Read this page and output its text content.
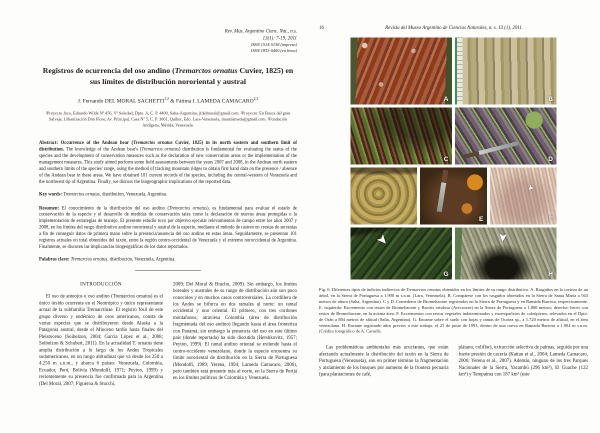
Rev. Mus. Argentino Cienc. Nat., n.s.
13(1): 7-19, 2011
ISSN 1514-5158 (impresa)
ISSN 1853-0400 (en línea)
Registros de ocurrencia del oso andino (Tremarctos ornatus Cuvier, 1825) en sus límites de distribución nororiental y austral
J. Fernando DEL MORAL SACHETTI$^{1,2}$ & Fátima I. LAMEDA CAMACARO$^{2,3}$
¹Proyecto Juco, Eduardo Wilde Nº 456, Vª Soledad, Dpto. A, C. P. 4400, Salta-Argentina, jfdelmoral@gmail.com. ²Proyecto: En Busca del gran Salvaje, Urbanización Don Flore, Av. Principal, Casa Nº 5, C. P. 3061, Quíbor, Edo. Lara-Venezuela, imarulameda@gmail.com. ³Fundación Andígena, Mérida, Venezuela.

Abstract: Occurrence of the Andean bear (Tremarctos ornatus Cuvier, 1825) in its north eastern and southern limit of distribution. The knowledge of the Andean bear's (Tremarctos ornatus) distribution is fundamental for evaluating the status of the species and the development of conservation measures such as the declaration of new conservation areas or the implementation of the management measures. This study aimed perform some field assessments between the years 2007 and 2008, in the Andean north eastern and southern limits of the species' range, using the method of tracking mountain ridges to obtain first hand data on the presence / absence of the Andean bear in these areas. We have obtained 101 current records of the species, including the central-western of Venezuela and the northwest tip of Argentina. Finally, we discuss the biogeographic implications of the reported data.

Key words: Tremarctos ornatus, distribution, Venezuela, Argentina.

Resumen: El conocimiento de la distribución del oso andino (Tremarctos ornatus), es fundamental para evaluar el estado de conservación de la especie y el desarrollo de medidas de conservación tales como la declaración de nuevas áreas protegidas o la implementación de estrategias de manejo. El presente estudio tuvo por objetivo ejecutar relevamientos de campo entre los años 2007 y 2008, en los límites del rango distributivo andino nororiental y austral de la especie, mediante el método de rastreo en crestas de serranías a fin de conseguir datos de primera mano sobre la presencia/ausencia del oso andino en estas áreas. Seguidamente, se presentan 101 registros actuales en total obtenidos del taxón, entre la región centro-occidental de Venezuela y el extremo noroccidental de Argentina. Finalmente, se discuten las implicancias biogeográficas de los datos reportados.

Palabras clave: Tremarctos ornatus, distribución, Venezuela, Argentina.
INTRODUCCIÓN
El oso de anteojos u oso andino (Tremarctos ornatus) es el único úrsido ocurrente en el Neotrópico y único representante actual de la subfamilia Tremarctinae. El registro fósil de este grupo diverso y endémico de osos americanos, consta de varias especies que se distribuyeron desde Alaska a la Patagonia austral, desde el Mioceno tardío hasta finales del Pleistoceno (Soibelzon, 2004; García López et al., 2008; Soibelzon & Schubert, 2011). En la actualidad T. ornatus tiene amplia distribución a lo largo de los Andes Tropicales sudamericanos, en un rango altitudinal que va desde los 250 a 4.250 m s.n.m., y abarca 6 países: Venezuela, Colombia, Ecuador, Perú, Bolivia (Mondolfi, 1971; Peyton, 1999) y recientemente su presencia fue confirmada para la Argentina (Del Moral, 2007; Figueroa & Stucchi,
2009; Del Moral & Bracho, 2009). Sin embargo, los límites boreales y australes de su rango de distribución aún son poco conocidos y en muchos casos controversiales. La cordillera de los Andes se bifurca en dos ramales al norte: un ramal occidental y uno oriental. El primero, con tres cordones montañosos, atraviesa Colombia (área de distribución fragmentada del oso andino) llegando hasta el área fronteriza con Panamá; sin embargo la presencia del oso en este último país (donde reportada) ha sido discutida (Hershkovitz, 1957; Peyton, 1999). El ramal andino oriental se extiende hasta el centro-occidente venezolano, donde la especie encuentra su límite nororiental de distribución en la Sierra de Portuguesa (Mondolfi, 1989; Yerena, 1994; Lameda Camacaro, 2006), pero también está presente más al norte, en la Sierra de Perijá en los límites políticos de Colombia y Venezuela.
16	Revista del Museo Argentino de Ciencias Naturales, n. s. 13 (1), 2011
A	B
C	D
E
➤
F
➤
G
➤
H

Fig. 6. Diferentes tipos de indicios indirectos de Tremarctos ornatus obtenidos en los límites de su rango distributivo. A. Rasguños en la corteza de un árbol, en la Sierra de Portuguesa a 1.900 m s.n.m. (Lara, Venezuela). B. Compárese con los rasguños obtenidos en la Sierra de Santa María a 943 metros de altura (Salta, Argentina). C y D. Comederos de Bromeliaceae registrados en la Sierra de Portuguesa y en Ramada Barrosa, respectivamente. E. izquierda: Excremento con restos de Bromeliaceae y Bactris setulosa (Arecaceae) en la Sierra de Portuguesa a 1.800 metros; derecha: heces con restos de Bromeliaceae, en la misma área. F. Excrementos con restos vegetales indeterminados y exoesqueletos de coleópteros, relevados en el Dpto. de Orán a 804 metros de altitud (Salta, Argentina). G. Encame sobre el suelo con hojas y ramas de Ocotea sp., a 1.720 metros de altitud, en el área venezolana. H. Encame registrado años previos a este trabajo, el 25 de junio de 1993, dentro de una cueva en Ramada Barrosa a 1.904 m s.n.m. (Crédito fotográfico de A. Caraelí).

Las problemáticas ambientales más acuciantes, que están afectando actualmente la distribución del taxón en la Sierra de Portuguesa (Venezuela), son en primer término la fragmentación y aislamiento de los bosques por aumento de la frontera pecuaria (para plantaciones de café,
plátano, coliflor), extracción selectiva de palmas, seguida por una fuerte presión de cacería (Kattan et al., 2004; Lameda Camacaro, 2006; Yerena et al., 2007). Además, ninguno de los tres Parques Nacionales de la Sierra, Yacambú (296 km²), El Guache (122 km²) y Terepaima con 187 km² (este
